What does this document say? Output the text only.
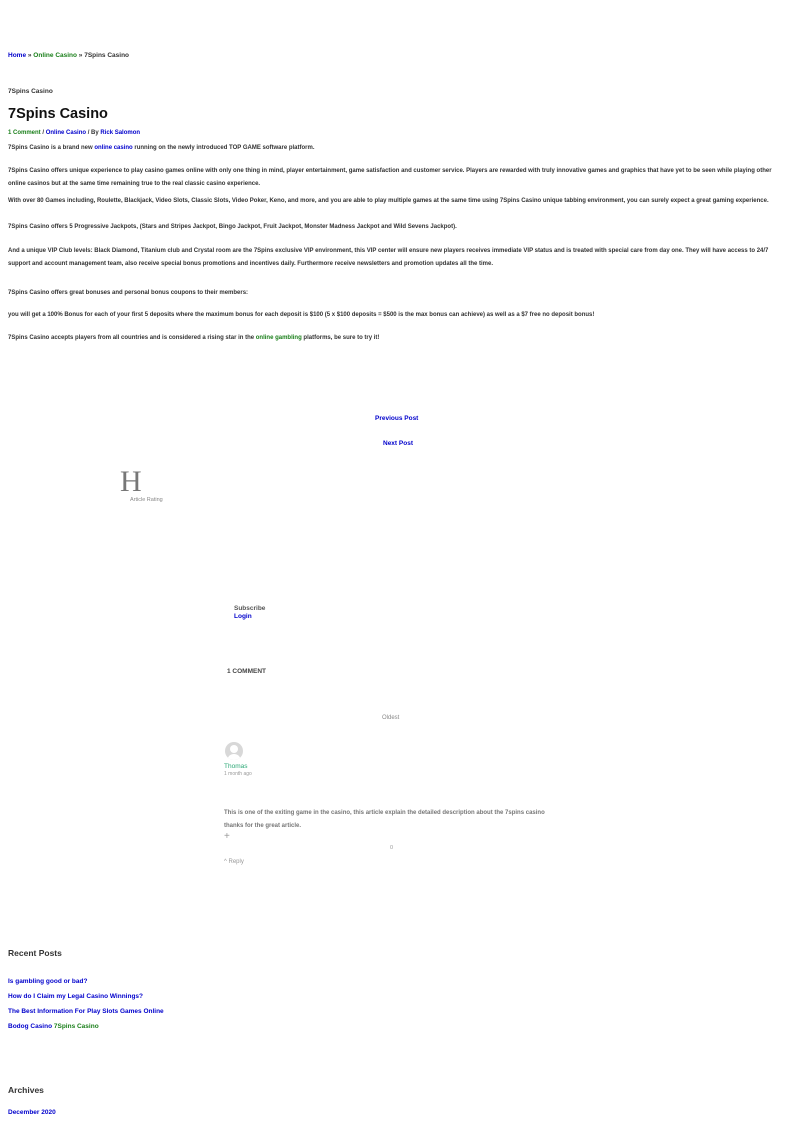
Home » Online Casino » 7Spins Casino
7Spins Casino
7Spins Casino
1 Comment / Online Casino / By Rick Salomon
7Spins Casino is a brand new online casino running on the newly introduced TOP GAME software platform.
7Spins Casino offers unique experience to play casino games online with only one thing in mind, player entertainment, game satisfaction and customer service. Players are rewarded with truly innovative games and graphics that have yet to be seen while playing other online casinos but at the same time remaining true to the real classic casino experience.
With over 80 Games including, Roulette, Blackjack, Video Slots, Classic Slots, Video Poker, Keno, and more, and you are able to play multiple games at the same time using 7Spins Casino unique tabbing environment, you can surely expect a great gaming experience.
7Spins Casino offers 5 Progressive Jackpots, (Stars and Stripes Jackpot, Bingo Jackpot, Fruit Jackpot, Monster Madness Jackpot and Wild Sevens Jackpot).
And a unique VIP Club levels: Black Diamond, Titanium club and Crystal room are the 7Spins exclusive VIP environment, this VIP center will ensure new players receives immediate VIP status and is treated with special care from day one. They will have access to 24/7 support and account management team, also receive special bonus promotions and incentives daily. Furthermore receive newsletters and promotion updates all the time.
7Spins Casino offers great bonuses and personal bonus coupons to their members:
you will get a 100% Bonus for each of your first 5 deposits where the maximum bonus for each deposit is $100 (5 x $100 deposits = $500 is the max bonus can achieve) as well as a $7 free no deposit bonus!
7Spins Casino accepts players from all countries and is considered a rising star in the online gambling platforms, be sure to try it!
Previous Post
Next Post
H
Article Rating
Subscribe
Login
1 COMMENT
Oldest
Thomas
1 month ago
This is one of the exiting game in the casino, this article explain the detailed description about the 7spins casino thanks for the great article.
+
0
^ Reply
Recent Posts
Is gambling good or bad?
How do I Claim my Legal Casino Winnings?
The Best Information For Play Slots Games Online
Bodog Casino 7Spins Casino
Archives
December 2020
